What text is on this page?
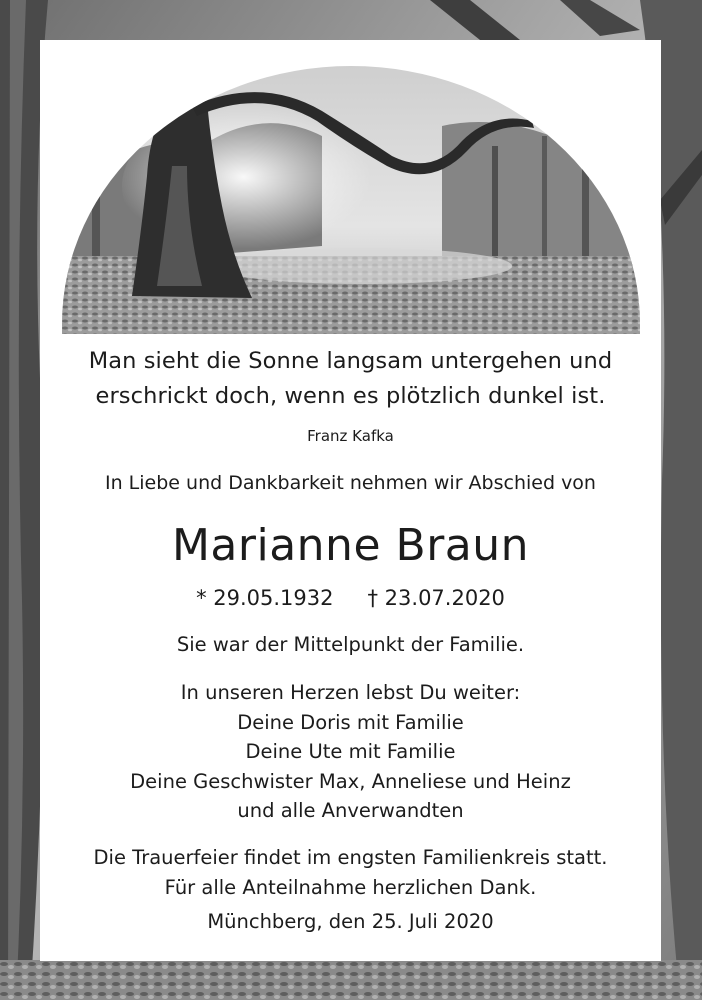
Man sieht die Sonne langsam untergehen und
erschrickt doch, wenn es plötzlich dunkel ist.
Franz Kafka
In Liebe und Dankbarkeit nehmen wir Abschied von
Marianne Braun
* 29.05.1932 † 23.07.2020
Sie war der Mittelpunkt der Familie.
In unseren Herzen lebst Du weiter:
Deine Doris mit Familie
Deine Ute mit Familie
Deine Geschwister Max, Anneliese und Heinz
und alle Anverwandten
Die Trauerfeier findet im engsten Familienkreis statt.
Für alle Anteilnahme herzlichen Dank.
Münchberg, den 25. Juli 2020
